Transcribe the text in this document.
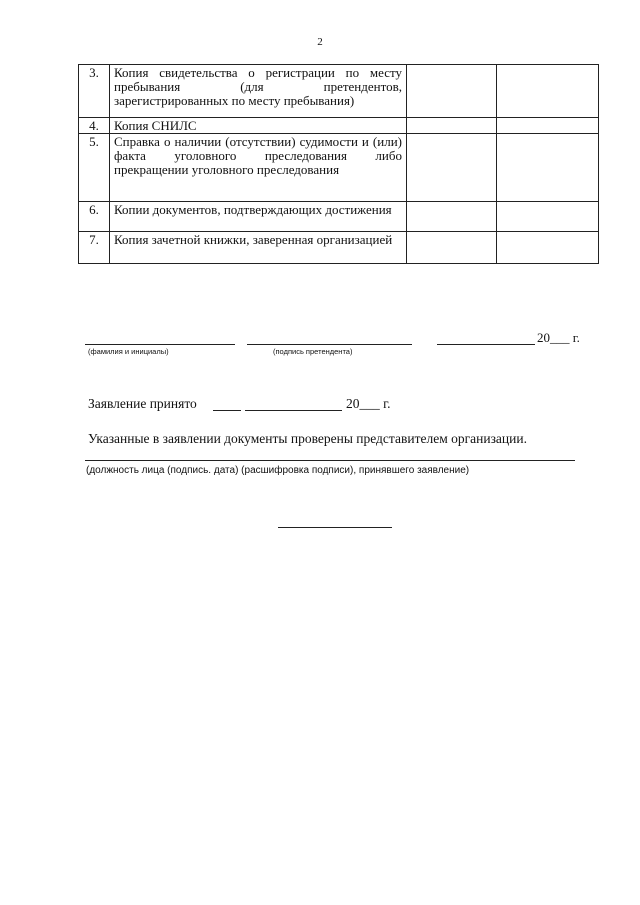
2
3.	Копия свидетельства о регистрации по месту пребывания (для претендентов, зарегистрированных по месту пребывания)		
4.	Копия СНИЛС		
5.	Справка о наличии (отсутствии) судимости и (или) факта уголовного преследования либо прекращении уголовного преследования		
6.	Копии документов, подтверждающих достижения		
7.	Копия зачетной книжки, заверенная организацией		
20___ г.
(фамилия и инициалы)	(подпись претендента)
Заявление принято	20___ г.
Указанные в заявлении документы проверены представителем организации.
(должность лица (подпись. дата) (расшифровка подписи), принявшего заявление)
